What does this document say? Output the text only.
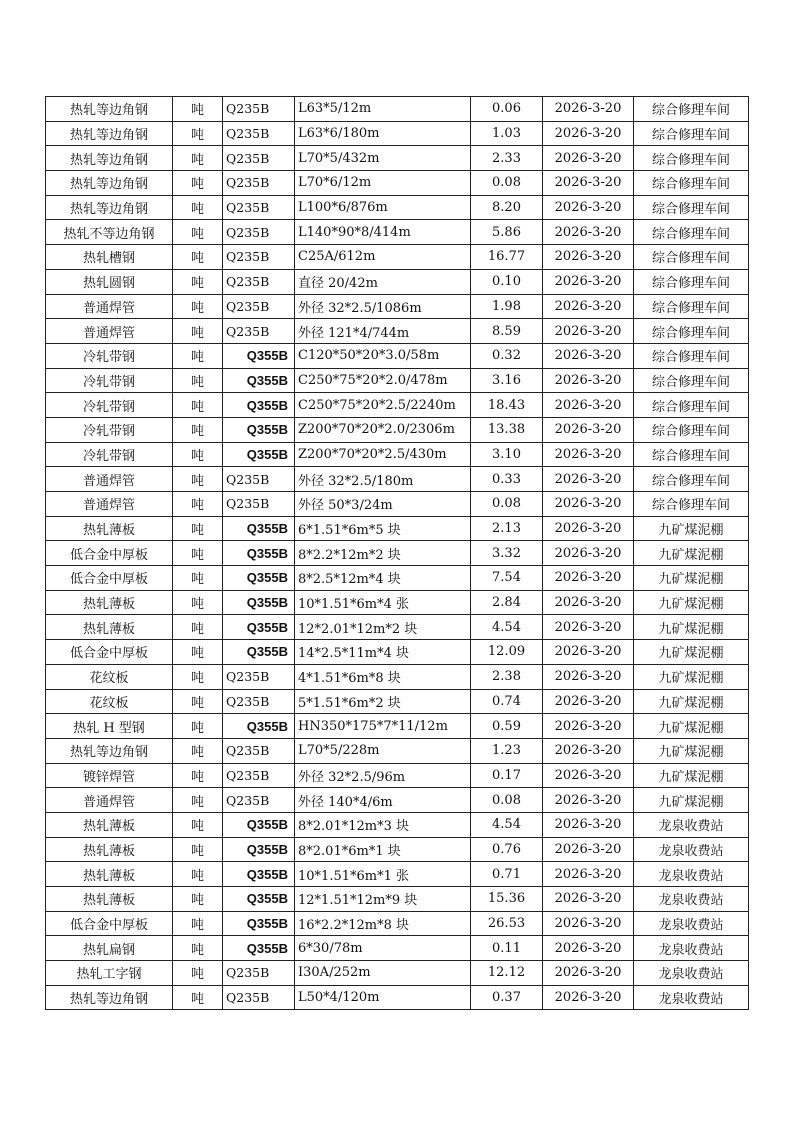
热轧等边角钢	吨	Q235B	L63*5/12m	0.06	2026-3-20	综合修理车间
热轧等边角钢	吨	Q235B	L63*6/180m	1.03	2026-3-20	综合修理车间
热轧等边角钢	吨	Q235B	L70*5/432m	2.33	2026-3-20	综合修理车间
热轧等边角钢	吨	Q235B	L70*6/12m	0.08	2026-3-20	综合修理车间
热轧等边角钢	吨	Q235B	L100*6/876m	8.20	2026-3-20	综合修理车间
热轧不等边角钢	吨	Q235B	L140*90*8/414m	5.86	2026-3-20	综合修理车间
热轧槽钢	吨	Q235B	C25A/612m	16.77	2026-3-20	综合修理车间
热轧圆钢	吨	Q235B	直径 20/42m	0.10	2026-3-20	综合修理车间
普通焊管	吨	Q235B	外径 32*2.5/1086m	1.98	2026-3-20	综合修理车间
普通焊管	吨	Q235B	外径 121*4/744m	8.59	2026-3-20	综合修理车间
冷轧带钢	吨	Q355B	C120*50*20*3.0/58m	0.32	2026-3-20	综合修理车间
冷轧带钢	吨	Q355B	C250*75*20*2.0/478m	3.16	2026-3-20	综合修理车间
冷轧带钢	吨	Q355B	C250*75*20*2.5/2240m	18.43	2026-3-20	综合修理车间
冷轧带钢	吨	Q355B	Z200*70*20*2.0/2306m	13.38	2026-3-20	综合修理车间
冷轧带钢	吨	Q355B	Z200*70*20*2.5/430m	3.10	2026-3-20	综合修理车间
普通焊管	吨	Q235B	外径 32*2.5/180m	0.33	2026-3-20	综合修理车间
普通焊管	吨	Q235B	外径 50*3/24m	0.08	2026-3-20	综合修理车间
热轧薄板	吨	Q355B	6*1.51*6m*5 块	2.13	2026-3-20	九矿煤泥棚
低合金中厚板	吨	Q355B	8*2.2*12m*2 块	3.32	2026-3-20	九矿煤泥棚
低合金中厚板	吨	Q355B	8*2.5*12m*4 块	7.54	2026-3-20	九矿煤泥棚
热轧薄板	吨	Q355B	10*1.51*6m*4 张	2.84	2026-3-20	九矿煤泥棚
热轧薄板	吨	Q355B	12*2.01*12m*2 块	4.54	2026-3-20	九矿煤泥棚
低合金中厚板	吨	Q355B	14*2.5*11m*4 块	12.09	2026-3-20	九矿煤泥棚
花纹板	吨	Q235B	4*1.51*6m*8 块	2.38	2026-3-20	九矿煤泥棚
花纹板	吨	Q235B	5*1.51*6m*2 块	0.74	2026-3-20	九矿煤泥棚
热轧 H 型钢	吨	Q355B	HN350*175*7*11/12m	0.59	2026-3-20	九矿煤泥棚
热轧等边角钢	吨	Q235B	L70*5/228m	1.23	2026-3-20	九矿煤泥棚
镀锌焊管	吨	Q235B	外径 32*2.5/96m	0.17	2026-3-20	九矿煤泥棚
普通焊管	吨	Q235B	外径 140*4/6m	0.08	2026-3-20	九矿煤泥棚
热轧薄板	吨	Q355B	8*2.01*12m*3 块	4.54	2026-3-20	龙泉收费站
热轧薄板	吨	Q355B	8*2.01*6m*1 块	0.76	2026-3-20	龙泉收费站
热轧薄板	吨	Q355B	10*1.51*6m*1 张	0.71	2026-3-20	龙泉收费站
热轧薄板	吨	Q355B	12*1.51*12m*9 块	15.36	2026-3-20	龙泉收费站
低合金中厚板	吨	Q355B	16*2.2*12m*8 块	26.53	2026-3-20	龙泉收费站
热轧扁钢	吨	Q355B	6*30/78m	0.11	2026-3-20	龙泉收费站
热轧工字钢	吨	Q235B	I30A/252m	12.12	2026-3-20	龙泉收费站
热轧等边角钢	吨	Q235B	L50*4/120m	0.37	2026-3-20	龙泉收费站
